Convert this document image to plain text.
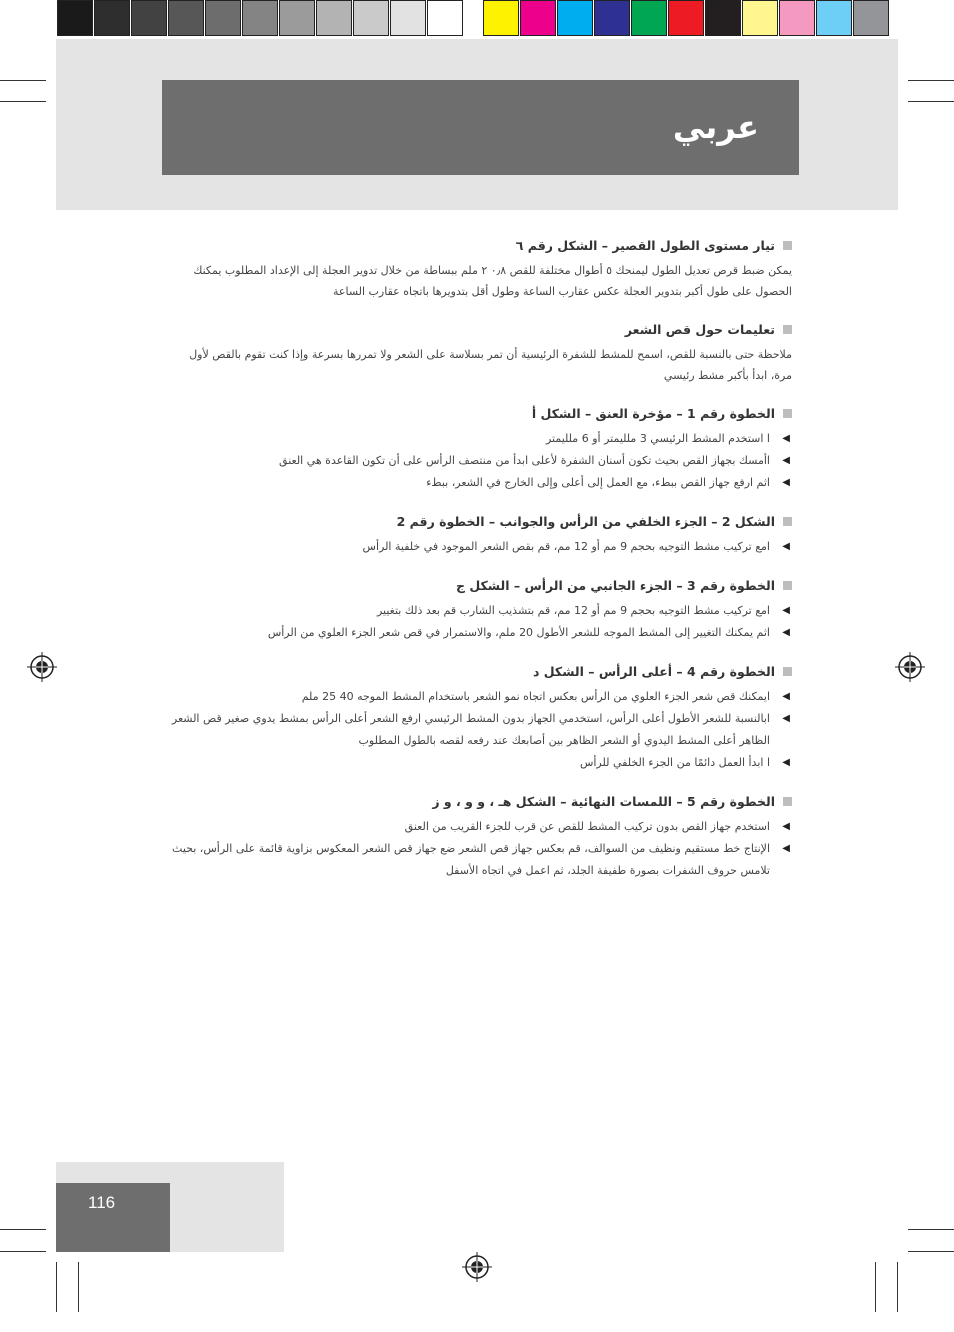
عربي
تيار مستوى الطول القصير – الشكل رقم ٦
يمكن ضبط قرص تعديل الطول ليمنحك ٥ أطوال مختلفة للقص ٠٫٨ ٢ ملم ببساطة من خلال تدوير العجلة إلى الإعداد المطلوب يمكنك الحصول على طول أكبر بتدوير العجلة عكس عقارب الساعة وطول أقل بتدويرها باتجاه عقارب الساعة
تعليمات حول قص الشعر
ملاحظة حتى بالنسبة للقص، اسمح للمشط للشفرة الرئيسية أن تمر بسلاسة على الشعر ولا تمررها بسرعة وإذا كنت تقوم بالقص لأول مرة، ابدأ بأكبر مشط رئيسي
الخطوة رقم 1 – مؤخرة العنق – الشكل أ
◀
ا استخدم المشط الرئيسي 3 ملليمتر أو 6 ملليمتر
◀
اأمسك بجهاز القص بحيث تكون أسنان الشفرة لأعلى ابدأ من منتصف الرأس على أن تكون القاعدة هي العنق
◀
اثم ارفع جهاز القص ببطء، مع العمل إلى أعلى وإلى الخارج في الشعر، ببطء
الشكل 2 – الجزء الخلفي من الرأس والجوانب – الخطوة رقم 2
◀
امع تركيب مشط التوجيه بحجم 9 مم أو 12 مم، قم بقص الشعر الموجود في خلفية الرأس
الخطوة رقم 3 – الجزء الجانبي من الرأس – الشكل ج
◀
امع تركيب مشط التوجيه بحجم 9 مم أو 12 مم، قم بتشذيب الشارب قم بعد ذلك بتغيير
◀
اثم يمكنك التغيير إلى المشط الموجه للشعر الأطول 20 ملم، والاستمرار في قص شعر الجزء العلوي من الرأس
الخطوة رقم 4 – أعلى الرأس – الشكل د
◀
ايمكنك قص شعر الجزء العلوي من الرأس بعكس اتجاه نمو الشعر باستخدام المشط الموجه 40 25 ملم
◀
ابالنسبة للشعر الأطول أعلى الرأس، استخدمي الجهاز بدون المشط الرئيسي ارفع الشعر أعلى الرأس بمشط يدوي صغير قص الشعر الظاهر أعلى المشط اليدوي أو الشعر الظاهر بين أصابعك عند رفعه لقصه بالطول المطلوب
◀
ا ابدأ العمل دائمًا من الجزء الخلفي للرأس
الخطوة رقم 5 – اللمسات النهائية – الشكل هـ ، و و ، و ز
◀
استخدم جهاز القص بدون تركيب المشط للقص عن قرب للجزء القريب من العنق
◀
الإنتاج خط مستقيم ونظيف من السوالف، قم بعكس جهاز قص الشعر ضع جهاز قص الشعر المعكوس بزاوية قائمة على الرأس، بحيث تلامس حروف الشفرات بصورة طفيفة الجلد، ثم اعمل في اتجاه الأسفل
116
